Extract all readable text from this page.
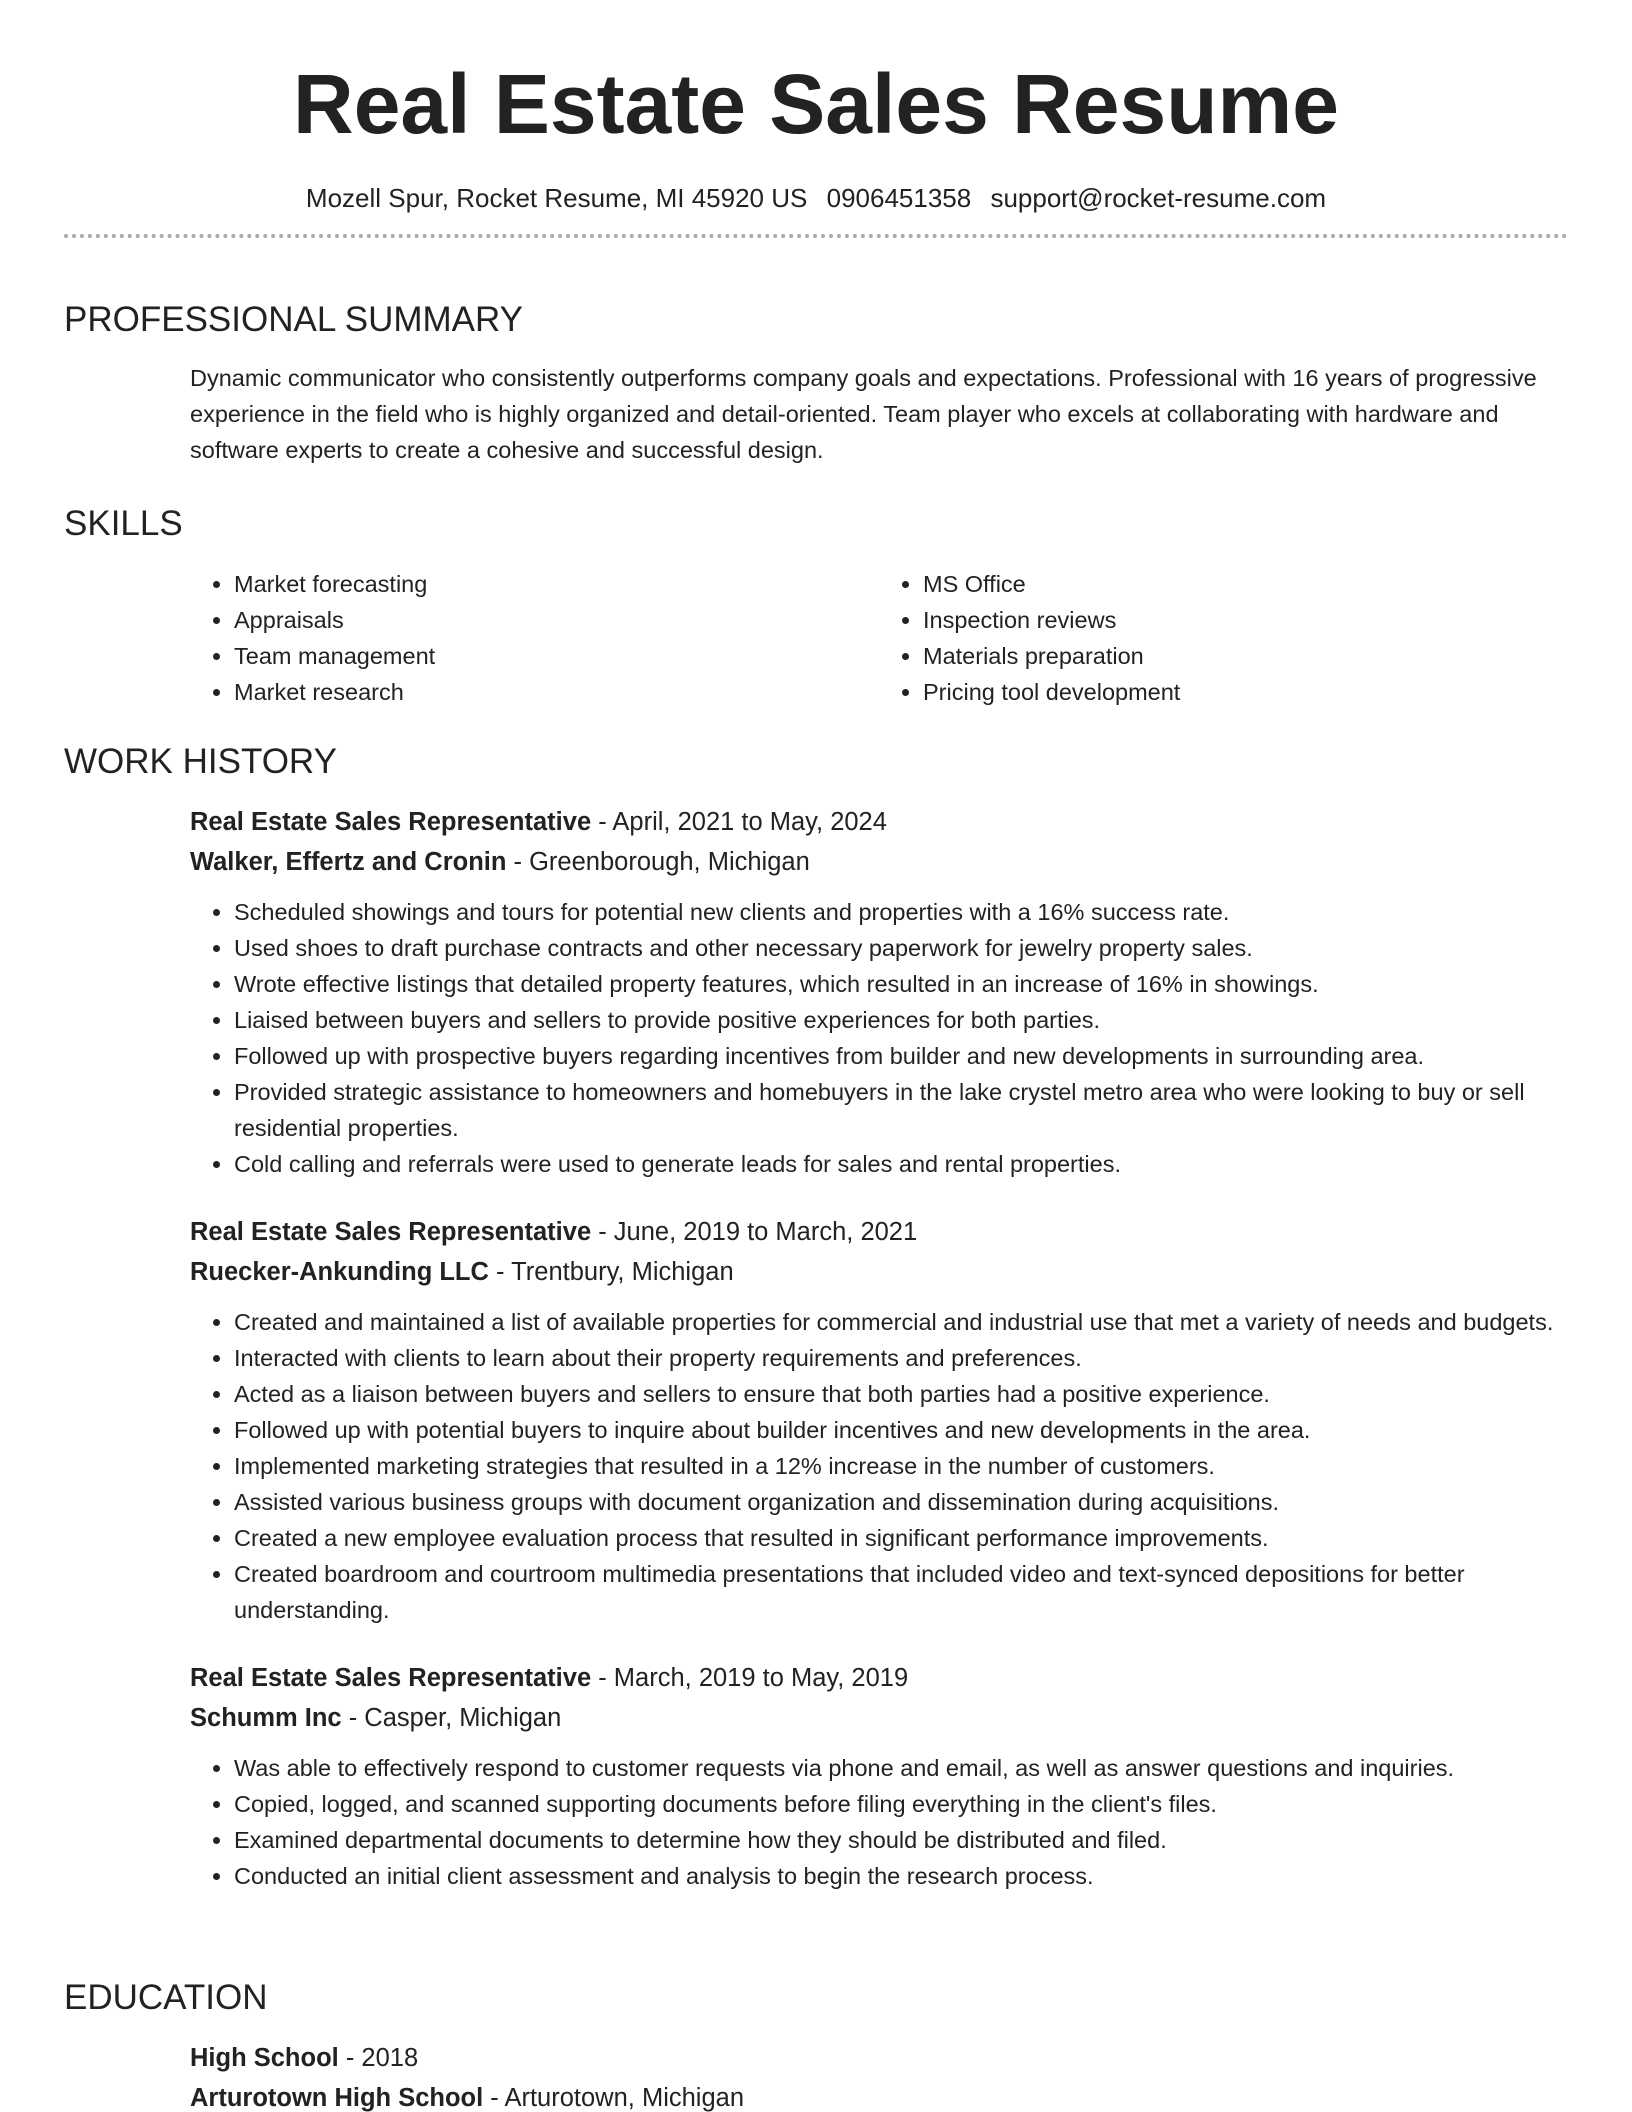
Real Estate Sales Resume
Mozell Spur, Rocket Resume, MI 45920 US 0906451358 support@rocket-resume.com
PROFESSIONAL SUMMARY
Dynamic communicator who consistently outperforms company goals and expectations. Professional with 16 years of progressive experience in the field who is highly organized and detail-oriented. Team player who excels at collaborating with hardware and software experts to create a cohesive and successful design.
SKILLS
• Market forecasting
• Appraisals
• Team management
• Market research
• MS Office
• Inspection reviews
• Materials preparation
• Pricing tool development
WORK HISTORY
Real Estate Sales Representative - April, 2021 to May, 2024
Walker, Effertz and Cronin - Greenborough, Michigan
• Scheduled showings and tours for potential new clients and properties with a 16% success rate.
• Used shoes to draft purchase contracts and other necessary paperwork for jewelry property sales.
• Wrote effective listings that detailed property features, which resulted in an increase of 16% in showings.
• Liaised between buyers and sellers to provide positive experiences for both parties.
• Followed up with prospective buyers regarding incentives from builder and new developments in surrounding area.
• Provided strategic assistance to homeowners and homebuyers in the lake crystel metro area who were looking to buy or sell residential properties.
• Cold calling and referrals were used to generate leads for sales and rental properties.
Real Estate Sales Representative - June, 2019 to March, 2021
Ruecker-Ankunding LLC - Trentbury, Michigan
• Created and maintained a list of available properties for commercial and industrial use that met a variety of needs and budgets.
• Interacted with clients to learn about their property requirements and preferences.
• Acted as a liaison between buyers and sellers to ensure that both parties had a positive experience.
• Followed up with potential buyers to inquire about builder incentives and new developments in the area.
• Implemented marketing strategies that resulted in a 12% increase in the number of customers.
• Assisted various business groups with document organization and dissemination during acquisitions.
• Created a new employee evaluation process that resulted in significant performance improvements.
• Created boardroom and courtroom multimedia presentations that included video and text-synced depositions for better understanding.
Real Estate Sales Representative - March, 2019 to May, 2019
Schumm Inc - Casper, Michigan
• Was able to effectively respond to customer requests via phone and email, as well as answer questions and inquiries.
• Copied, logged, and scanned supporting documents before filing everything in the client's files.
• Examined departmental documents to determine how they should be distributed and filed.
• Conducted an initial client assessment and analysis to begin the research process.
EDUCATION
High School - 2018
Arturotown High School - Arturotown, Michigan
